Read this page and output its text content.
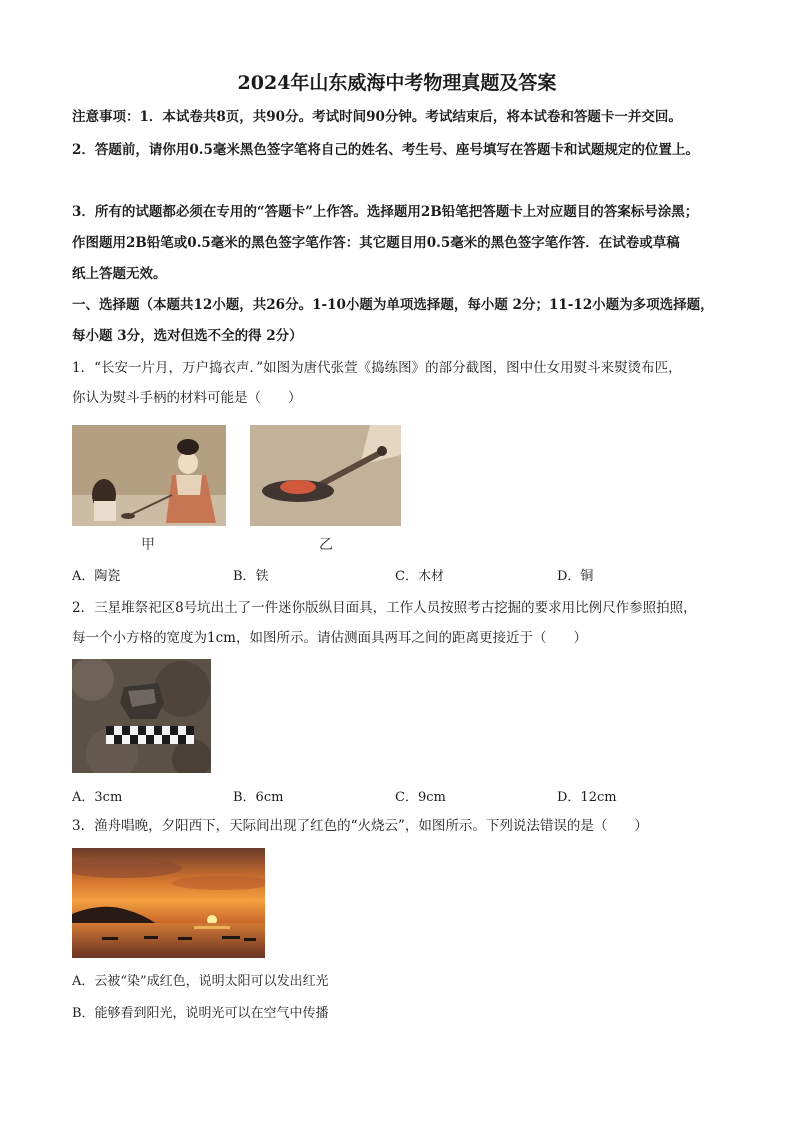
2024年山东威海中考物理真题及答案
注意事项：1．本试卷共8页，共90分。考试时间90分钟。考试结束后，将本试卷和答题卡一并交回。
2．答题前，请你用0.5毫米黑色签字笔将自己的姓名、考生号、座号填写在答题卡和试题规定的位置上。
3．所有的试题都必须在专用的“答题卡”上作答。选择题用2B铅笔把答题卡上对应题目的答案标号涂黑；
作图题用2B铅笔或0.5毫米的黑色签字笔作答：其它题目用0.5毫米的黑色签字笔作答．在试卷或草稿
纸上答题无效。
一、选择题（本题共12小题，共26分。1-10小题为单项选择题，每小题 2分；11-12小题为多项选择题，
每小题 3分，选对但选不全的得 2分）
1．“长安一片月，万户捣衣声．”如图为唐代张萱《捣练图》的部分截图，图中仕女用熨斗来熨烫布匹，
你认为熨斗手柄的材料可能是（　　）
甲	乙
A．陶瓷	B．铁	C．木材	D．铜
2．三星堆祭祀区8号坑出土了一件迷你版纵目面具，工作人员按照考古挖掘的要求用比例尺作参照拍照，
每一个小方格的宽度为1cm，如图所示。请估测面具两耳之间的距离更接近于（　　）
A．3cm	B．6cm	C．9cm	D．12cm
3．渔舟唱晚，夕阳西下，天际间出现了红色的“火烧云”，如图所示。下列说法错误的是（　　）
A．云被“染”成红色，说明太阳可以发出红光
B．能够看到阳光，说明光可以在空气中传播
